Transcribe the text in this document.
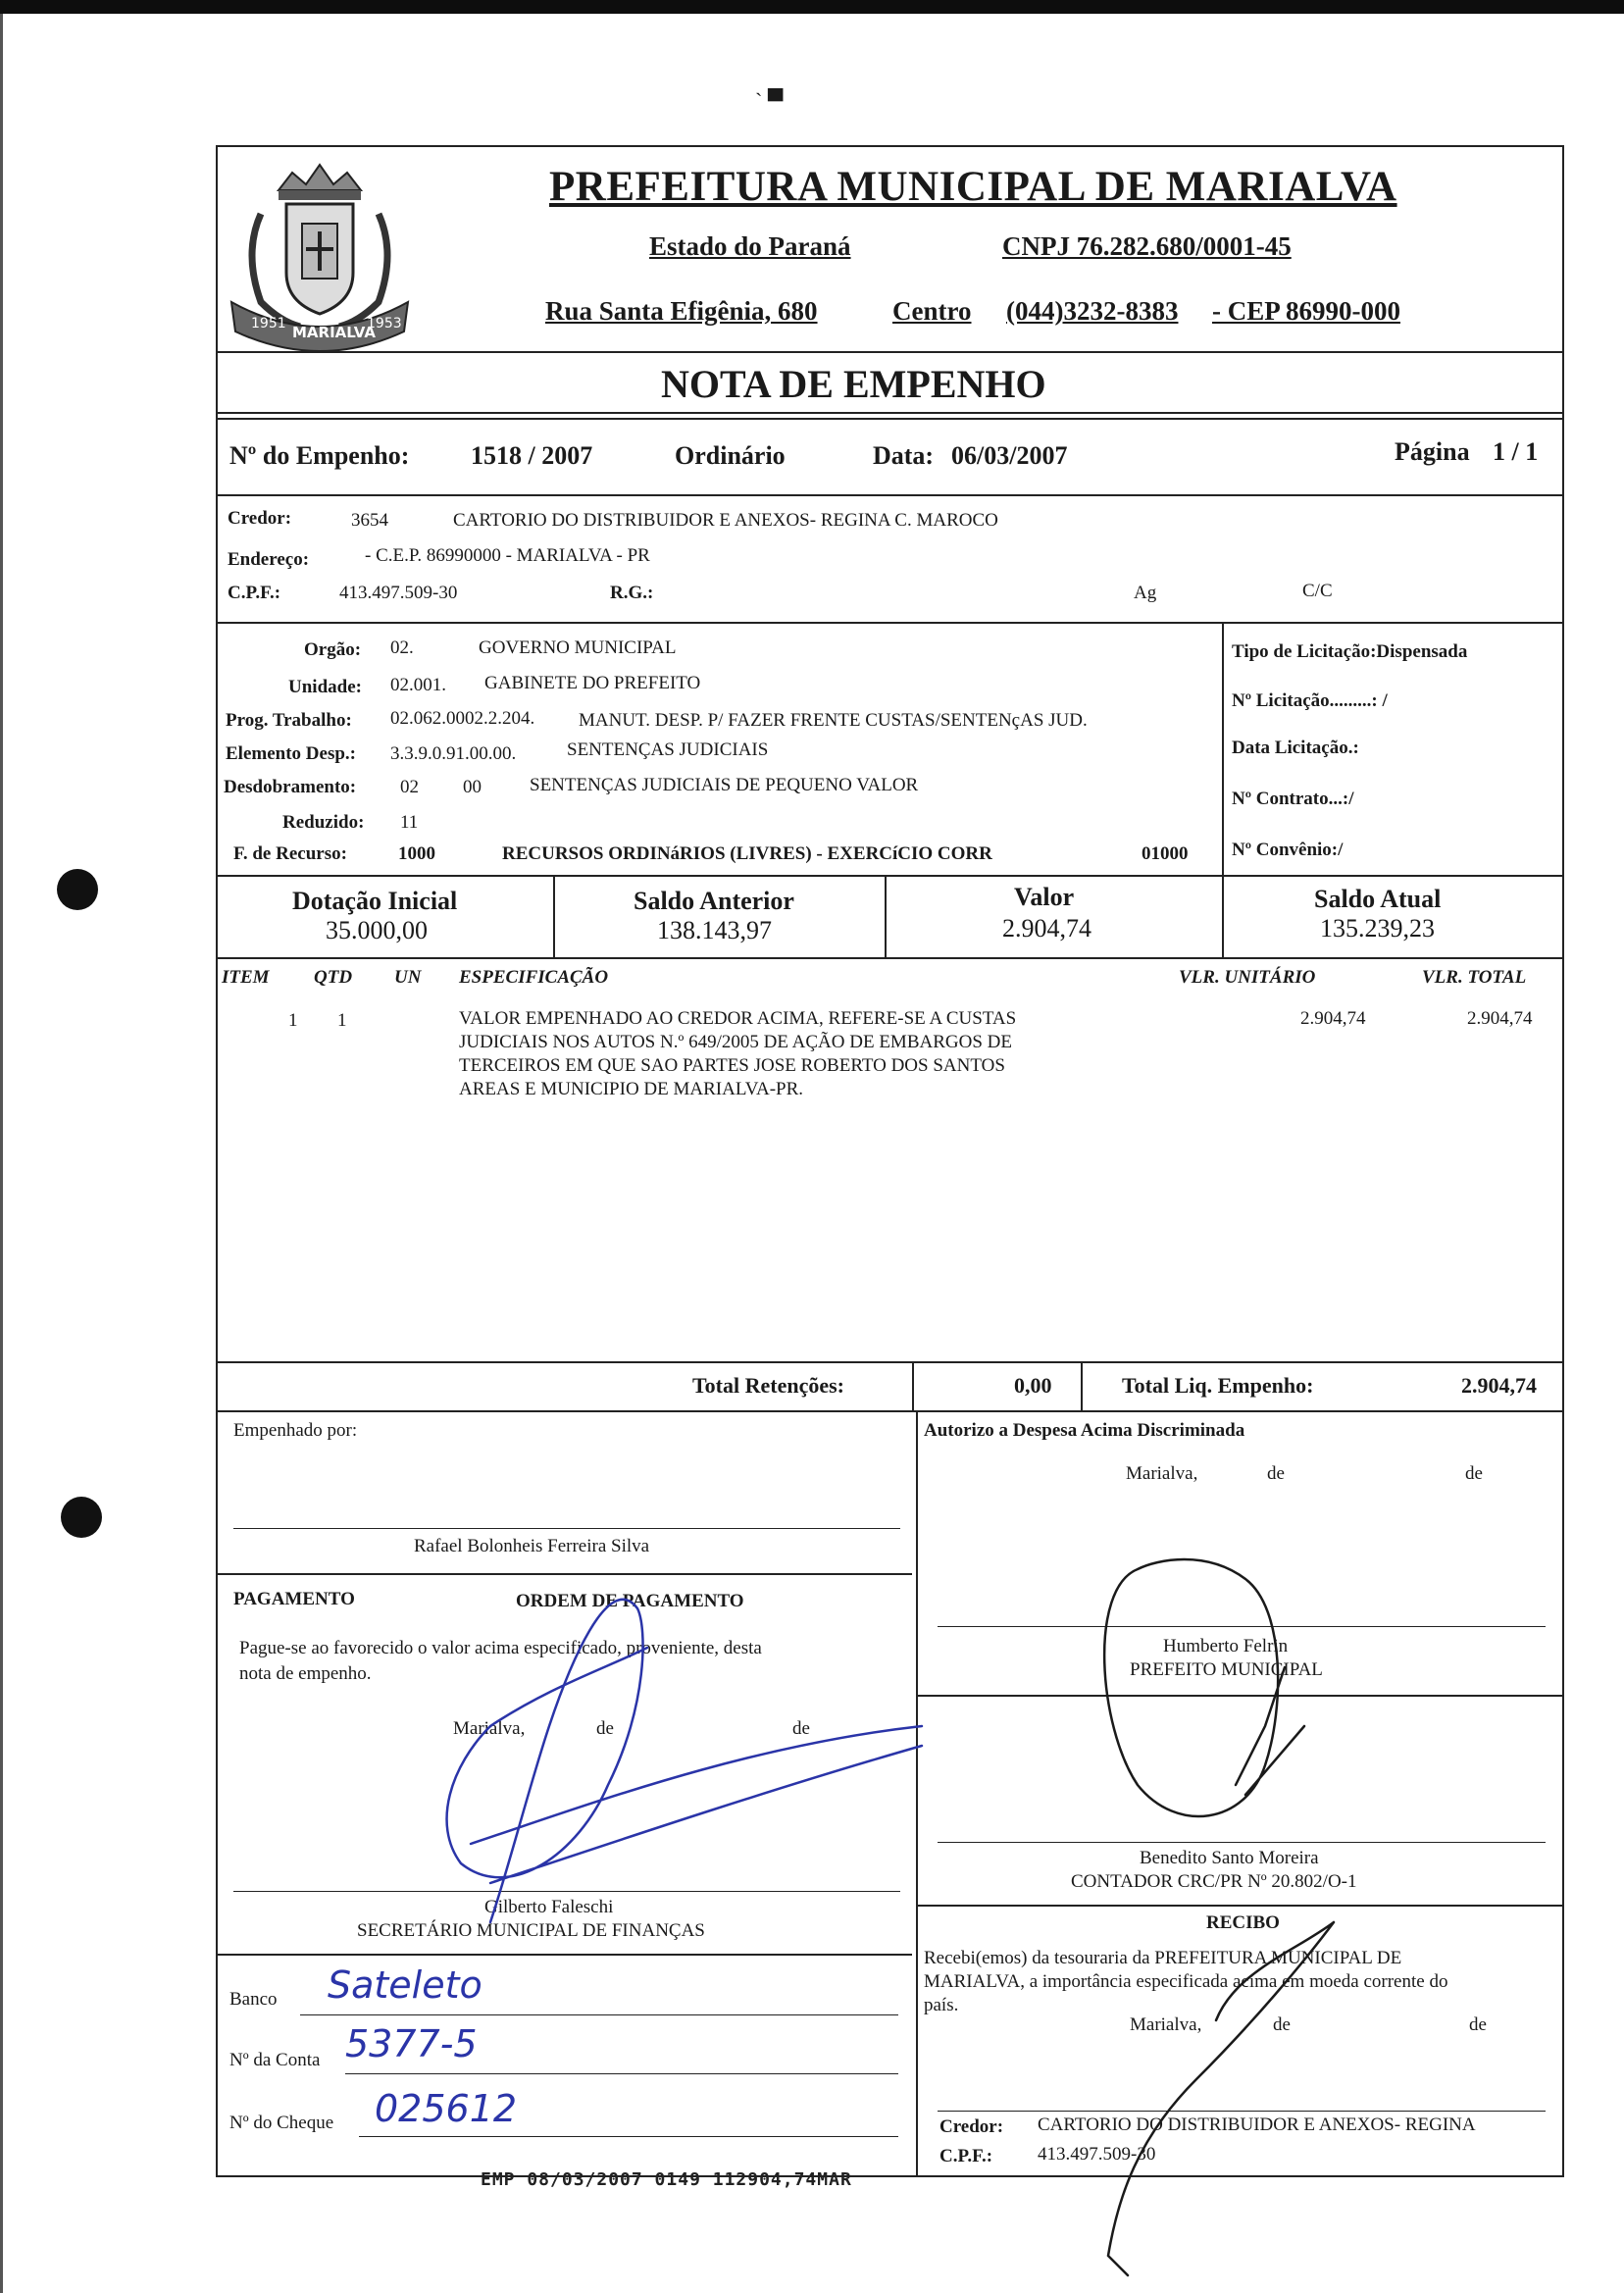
ˋ ▀
1951 MARIALVA
1953
PREFEITURA MUNICIPAL DE MARIALVA
Estado do Paraná	CNPJ 76.282.680/0001-45
Rua Santa Efigênia, 680	Centro (044)3232-8383 - CEP 86990-000
NOTA DE EMPENHO
Nº do Empenho: 1518 / 2007	Ordinário	Data: 06/03/2007	Página 1 / 1
Credor:	3654	CARTORIO DO DISTRIBUIDOR E ANEXOS- REGINA C. MAROCO
Endereço:	- C.E.P. 86990000 - MARIALVA - PR
C.P.F.:	413.497.509-30	R.G.:	Ag	C/C
Orgão: 02.	GOVERNO MUNICIPAL
Unidade: 02.001. GABINETE DO PREFEITO
Prog. Trabalho: 02.062.0002.2.204. MANUT. DESP. P/ FAZER FRENTE CUSTAS/SENTENçAS JUD.
Elemento Desp.: 3.3.9.0.91.00.00.	SENTENÇAS JUDICIAIS
Desdobramento: 02 00	SENTENÇAS JUDICIAIS DE PEQUENO VALOR
Reduzido: 11
F. de Recurso:	1000	RECURSOS ORDINáRIOS (LIVRES) - EXERCíCIO CORR	01000
Tipo de Licitação:Dispensada
Nº Licitação.........: /
Data Licitação.:
Nº Contrato...:/
Nº Convênio:/
Dotação Inicial
35.000,00
Saldo Anterior
138.143,97
Valor
2.904,74
Saldo Atual
135.239,23
ITEM QTD UN ESPECIFICAÇÃO	VLR. UNITÁRIO	VLR. TOTAL
1 1	VALOR EMPENHADO AO CREDOR ACIMA, REFERE-SE A CUSTAS
JUDICIAIS NOS AUTOS N.º 649/2005 DE AÇÃO DE EMBARGOS DE
TERCEIROS EM QUE SAO PARTES JOSE ROBERTO DOS SANTOS
AREAS E MUNICIPIO DE MARIALVA-PR.
2.904,74	2.904,74
Total Retenções:	0,00	Total Liq. Empenho:	2.904,74
Empenhado por:
Rafael Bolonheis Ferreira Silva
PAGAMENTO	ORDEM DE PAGAMENTO
Pague-se ao favorecido o valor acima especificado, proveniente, desta
nota de empenho.
Marialva,	de	de
Gilberto Faleschi
SECRETÁRIO MUNICIPAL DE FINANÇAS
Banco Sateleto
Nº da Conta 5377-5
Nº do Cheque 025612
Autorizo a Despesa Acima Discriminada
Marialva,	de	de
Humberto Felrin
PREFEITO MUNICIPAL
Benedito Santo Moreira
CONTADOR CRC/PR Nº 20.802/O-1
RECIBO
Recebi(emos) da tesouraria da PREFEITURA MUNICIPAL DE
MARIALVA, a importância especificada acima em moeda corrente do
país.
Marialva,	de	de
Credor: CARTORIO DO DISTRIBUIDOR E ANEXOS- REGINA
C.P.F.: 413.497.509-30
EMP 08/03/2007 0149 112904,74MAR
